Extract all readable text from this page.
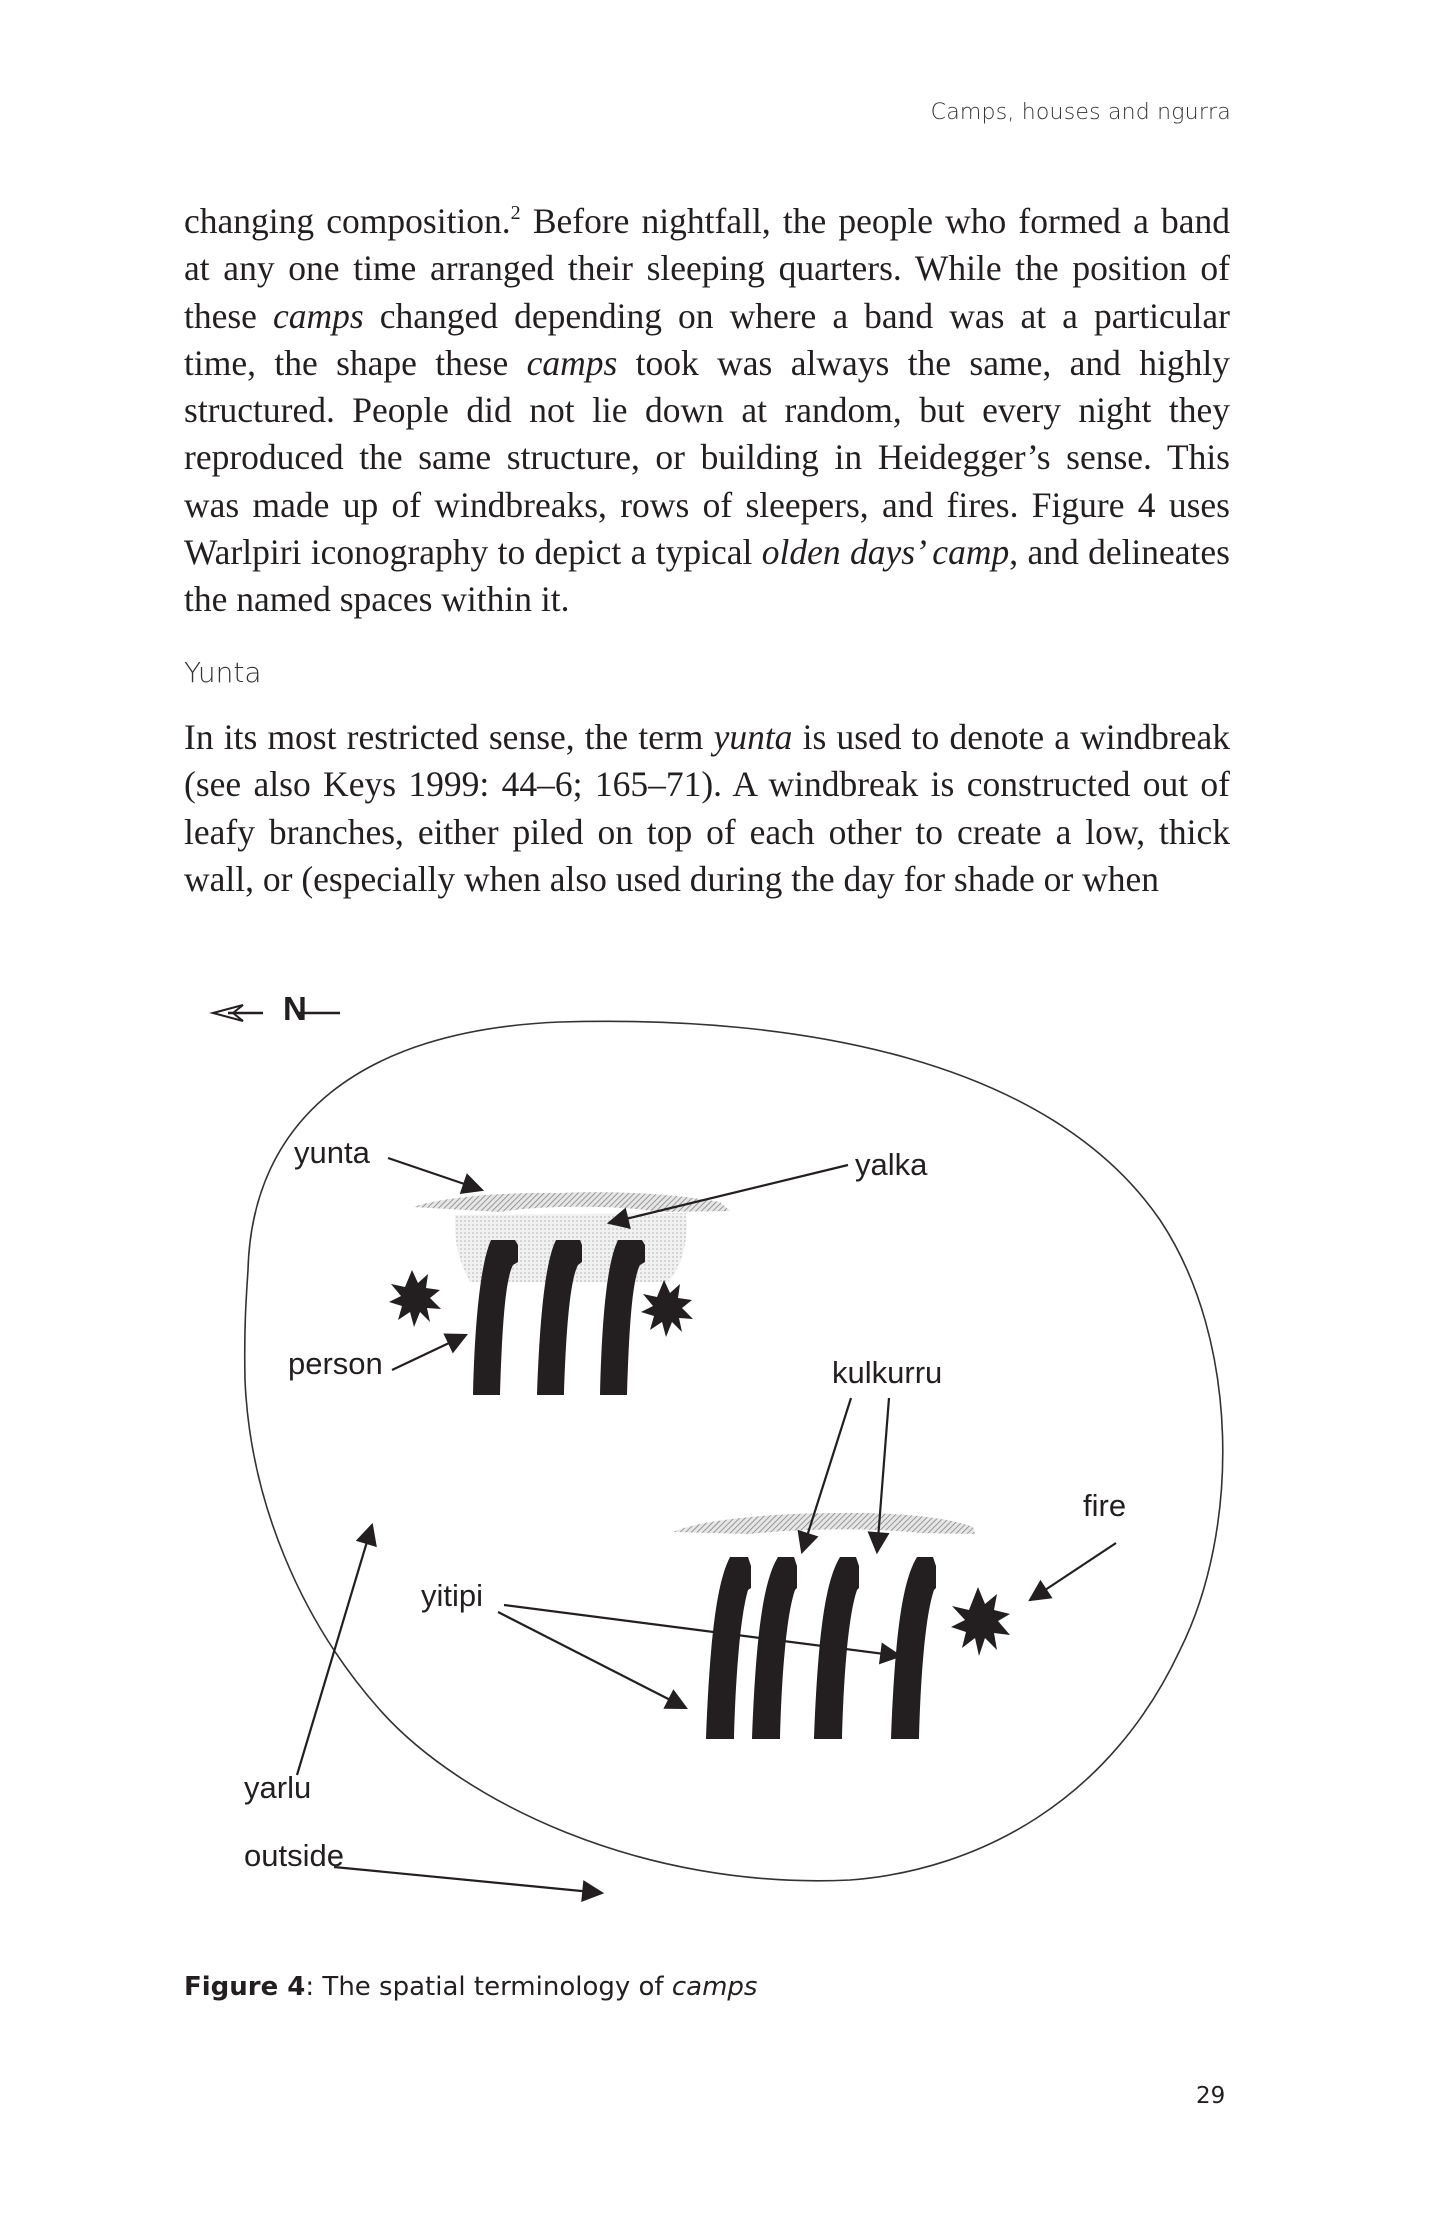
Camps, houses and ngurra

changing composition.$^2$ Before nightfall, the people who formed a band at any one time arranged their sleeping quarters. While the position of these camps changed depending on where a band was at a particular time, the shape these camps took was always the same, and highly structured. People did not lie down at random, but every night they reproduced the same structure, or building in Heidegger’s sense. This was made up of windbreaks, rows of sleepers, and fires. Figure 4 uses Warlpiri iconography to depict a typical olden days’ camp, and delineates the named spaces within it.

Yunta

In its most restricted sense, the term yunta is used to denote a windbreak (see also Keys 1999: 44–6; 165–71). A windbreak is constructed out of leafy branches, either piled on top of each other to create a low, thick wall, or (especially when also used during the day for shade or when

N
yunta	yalka
person	kulkurru
fire
yitipi
yarlu
outside
Figure 4: The spatial terminology of camps
29
